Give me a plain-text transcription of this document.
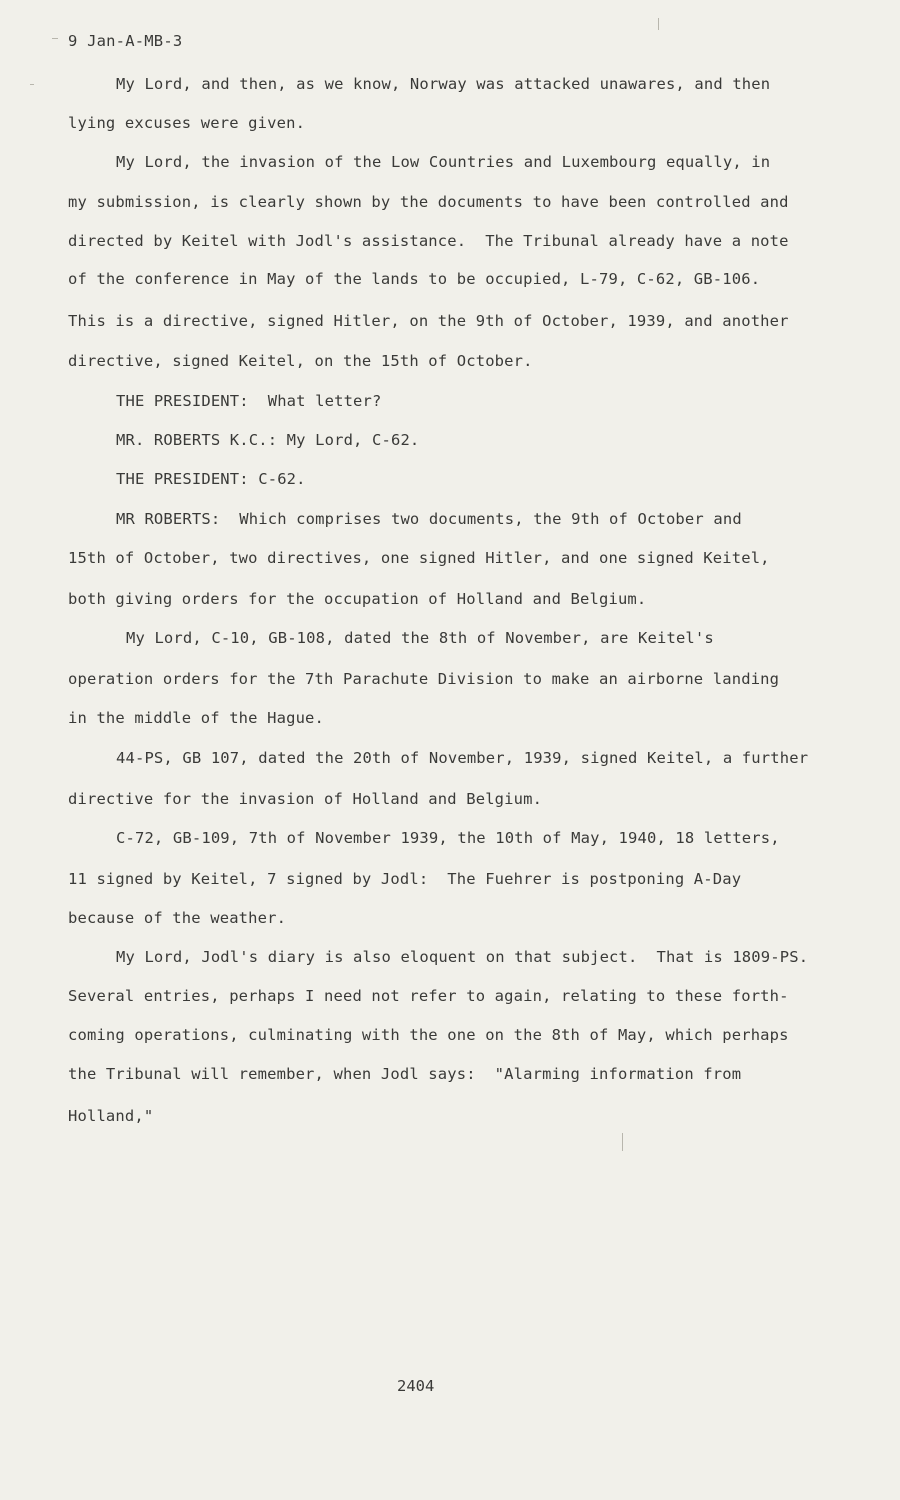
9 Jan-A-MB-3
My Lord, and then, as we know, Norway was attacked unawares, and then
lying excuses were given.
My Lord, the invasion of the Low Countries and Luxembourg equally, in
my submission, is clearly shown by the documents to have been controlled and
directed by Keitel with Jodl's assistance.  The Tribunal already have a note
of the conference in May of the lands to be occupied, L-79, C-62, GB-106.
This is a directive, signed Hitler, on the 9th of October, 1939, and another
directive, signed Keitel, on the 15th of October.
THE PRESIDENT:  What letter?
MR. ROBERTS K.C.: My Lord, C-62.
THE PRESIDENT: C-62.
MR ROBERTS:  Which comprises two documents, the 9th of October and
15th of October, two directives, one signed Hitler, and one signed Keitel,
both giving orders for the occupation of Holland and Belgium.
My Lord, C-10, GB-108, dated the 8th of November, are Keitel's
operation orders for the 7th Parachute Division to make an airborne landing
in the middle of the Hague.
44-PS, GB 107, dated the 20th of November, 1939, signed Keitel, a further
directive for the invasion of Holland and Belgium.
C-72, GB-109, 7th of November 1939, the 10th of May, 1940, 18 letters,
11 signed by Keitel, 7 signed by Jodl:  The Fuehrer is postponing A-Day
because of the weather.
My Lord, Jodl's diary is also eloquent on that subject.  That is 1809-PS.
Several entries, perhaps I need not refer to again, relating to these forth-
coming operations, culminating with the one on the 8th of May, which perhaps
the Tribunal will remember, when Jodl says:  "Alarming information from
Holland,"
2404
